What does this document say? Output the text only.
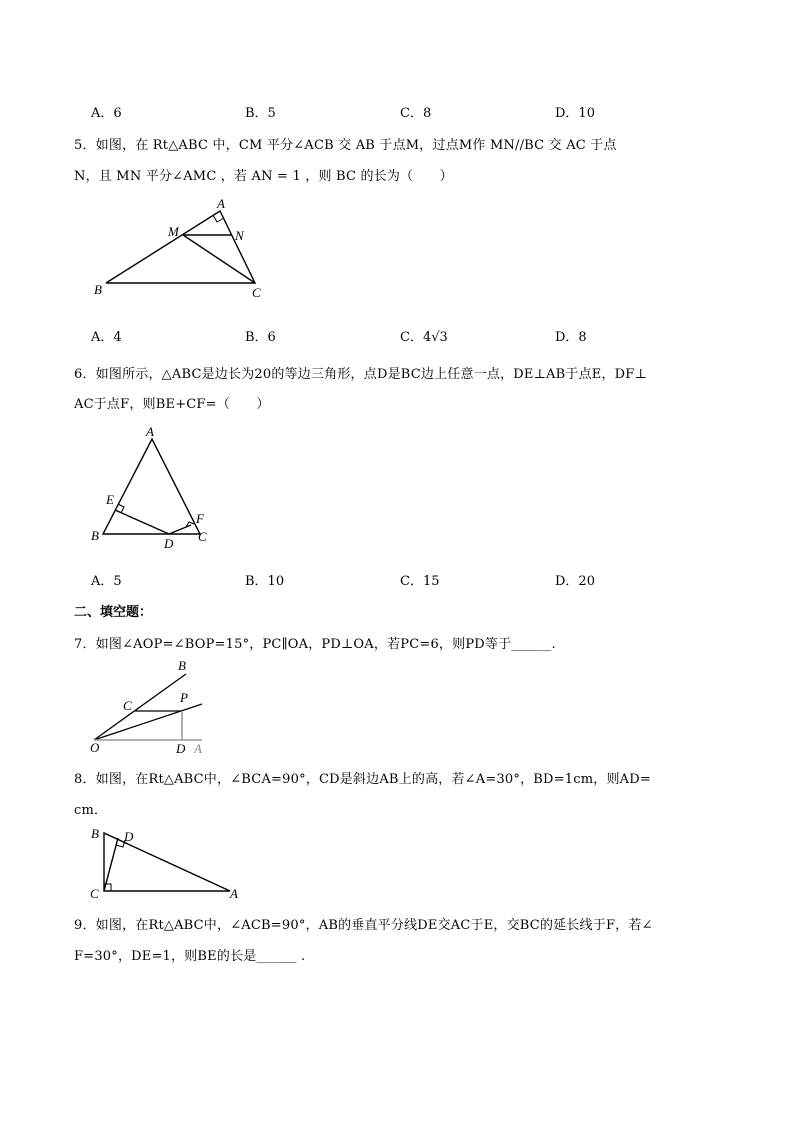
A．6	B．5	C．8	D．10
5．如图，在 Rt△ABC 中，CM 平分∠ACB 交 AB 于点M，过点M作 MN//BC 交 AC 于点
N，且 MN 平分∠AMC ，若 AN = 1 ，则 BC 的长为（　　）
A
M	N
B	C
A．4	B．6	C．4√3	D．8
6．如图所示，△ABC是边长为20的等边三角形，点D是BC边上任意一点，DE⊥AB于点E，DF⊥
AC于点F，则BE+CF=（　　）
A
E
F
B
D C
A．5	B．10	C．15	D．20
二、填空题：
7．如图∠AOP=∠BOP=15°，PC∥OA，PD⊥OA，若PC=6，则PD等于______.
B
C
P
O	D A
8．如图，在Rt△ABC中，∠BCA=90°，CD是斜边AB上的高，若∠A=30°，BD=1cm，则AD=
cm．
B D
C	A
9．如图，在Rt△ABC中，∠ACB=90°，AB的垂直平分线DE交AC于E，交BC的延长线于F，若∠
F=30°，DE=1，则BE的长是______ .
